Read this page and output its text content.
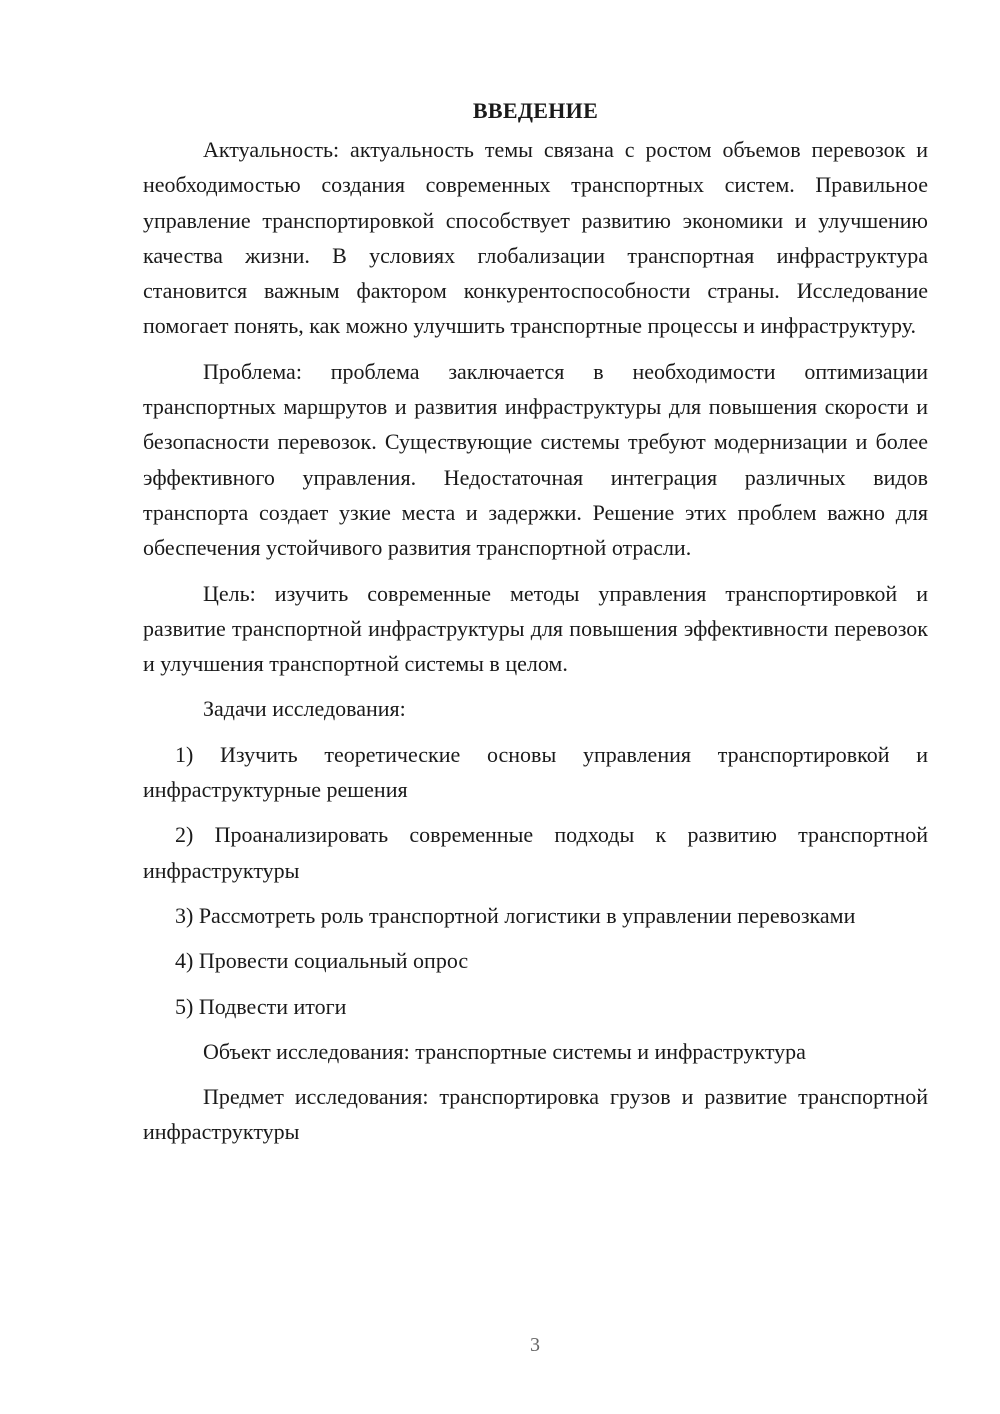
ВВЕДЕНИЕ

Актуальность: актуальность темы связана с ростом объемов перевозок и необходимостью создания современных транспортных систем. Правильное управление транспортировкой способствует развитию экономики и улучшению качества жизни. В условиях глобализации транспортная инфраструктура становится важным фактором конкурентоспособности страны. Исследование помогает понять, как можно улучшить транспортные процессы и инфраструктуру.

Проблема: проблема заключается в необходимости оптимизации транспортных маршрутов и развития инфраструктуры для повышения скорости и безопасности перевозок. Существующие системы требуют модернизации и более эффективного управления. Недостаточная интеграция различных видов транспорта создает узкие места и задержки. Решение этих проблем важно для обеспечения устойчивого развития транспортной отрасли.

Цель: изучить современные методы управления транспортировкой и развитие транспортной инфраструктуры для повышения эффективности перевозок и улучшения транспортной системы в целом.

Задачи исследования:

1) Изучить теоретические основы управления транспортировкой и инфраструктурные решения

2) Проанализировать современные подходы к развитию транспортной инфраструктуры

3) Рассмотреть роль транспортной логистики в управлении перевозками

4) Провести социальный опрос

5) Подвести итоги

Объект исследования: транспортные системы и инфраструктура

Предмет исследования: транспортировка грузов и развитие транспортной инфраструктуры

3
